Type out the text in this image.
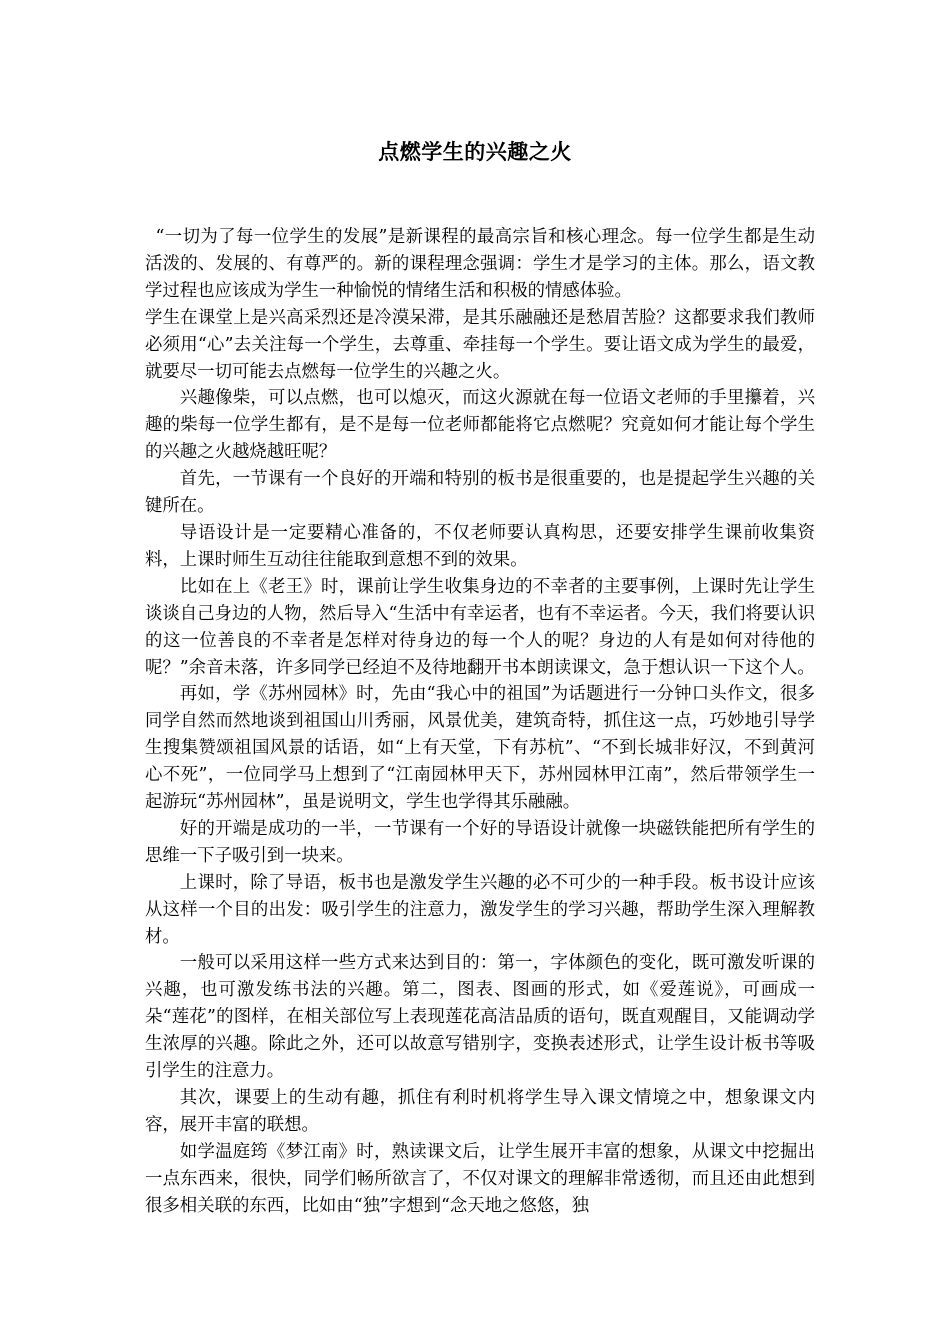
点燃学生的兴趣之火

“一切为了每一位学生的发展”是新课程的最高宗旨和核心理念。每一位学生都是生动活泼的、发展的、有尊严的。新的课程理念强调：学生才是学习的主体。那么，语文教学过程也应该成为学生一种愉悦的情绪生活和积极的情感体验。

学生在课堂上是兴高采烈还是冷漠呆滞，是其乐融融还是愁眉苦脸？这都要求我们教师必须用“心”去关注每一个学生，去尊重、牵挂每一个学生。要让语文成为学生的最爱，就要尽一切可能去点燃每一位学生的兴趣之火。

兴趣像柴，可以点燃，也可以熄灭，而这火源就在每一位语文老师的手里攥着，兴趣的柴每一位学生都有，是不是每一位老师都能将它点燃呢？究竟如何才能让每个学生的兴趣之火越烧越旺呢？

首先，一节课有一个良好的开端和特别的板书是很重要的，也是提起学生兴趣的关键所在。

导语设计是一定要精心准备的，不仅老师要认真构思，还要安排学生课前收集资料，上课时师生互动往往能取到意想不到的效果。

比如在上《老王》时，课前让学生收集身边的不幸者的主要事例，上课时先让学生谈谈自己身边的人物，然后导入“生活中有幸运者，也有不幸运者。今天，我们将要认识的这一位善良的不幸者是怎样对待身边的每一个人的呢？身边的人有是如何对待他的呢？”余音未落，许多同学已经迫不及待地翻开书本朗读课文，急于想认识一下这个人。

再如，学《苏州园林》时，先由“我心中的祖国”为话题进行一分钟口头作文，很多同学自然而然地谈到祖国山川秀丽，风景优美，建筑奇特，抓住这一点，巧妙地引导学生搜集赞颂祖国风景的话语，如“上有天堂，下有苏杭”、“不到长城非好汉，不到黄河心不死”，一位同学马上想到了“江南园林甲天下，苏州园林甲江南”，然后带领学生一起游玩“苏州园林”，虽是说明文，学生也学得其乐融融。

好的开端是成功的一半，一节课有一个好的导语设计就像一块磁铁能把所有学生的思维一下子吸引到一块来。

上课时，除了导语，板书也是激发学生兴趣的必不可少的一种手段。板书设计应该从这样一个目的出发：吸引学生的注意力，激发学生的学习兴趣，帮助学生深入理解教材。

一般可以采用这样一些方式来达到目的：第一，字体颜色的变化，既可激发听课的兴趣，也可激发练书法的兴趣。第二，图表、图画的形式，如《爱莲说》，可画成一朵“莲花”的图样，在相关部位写上表现莲花高洁品质的语句，既直观醒目，又能调动学生浓厚的兴趣。除此之外，还可以故意写错别字，变换表述形式，让学生设计板书等吸引学生的注意力。

其次，课要上的生动有趣，抓住有利时机将学生导入课文情境之中，想象课文内容，展开丰富的联想。

如学温庭筠《梦江南》时，熟读课文后，让学生展开丰富的想象，从课文中挖掘出一点东西来，很快，同学们畅所欲言了，不仅对课文的理解非常透彻，而且还由此想到很多相关联的东西，比如由“独”字想到“念天地之悠悠，独
